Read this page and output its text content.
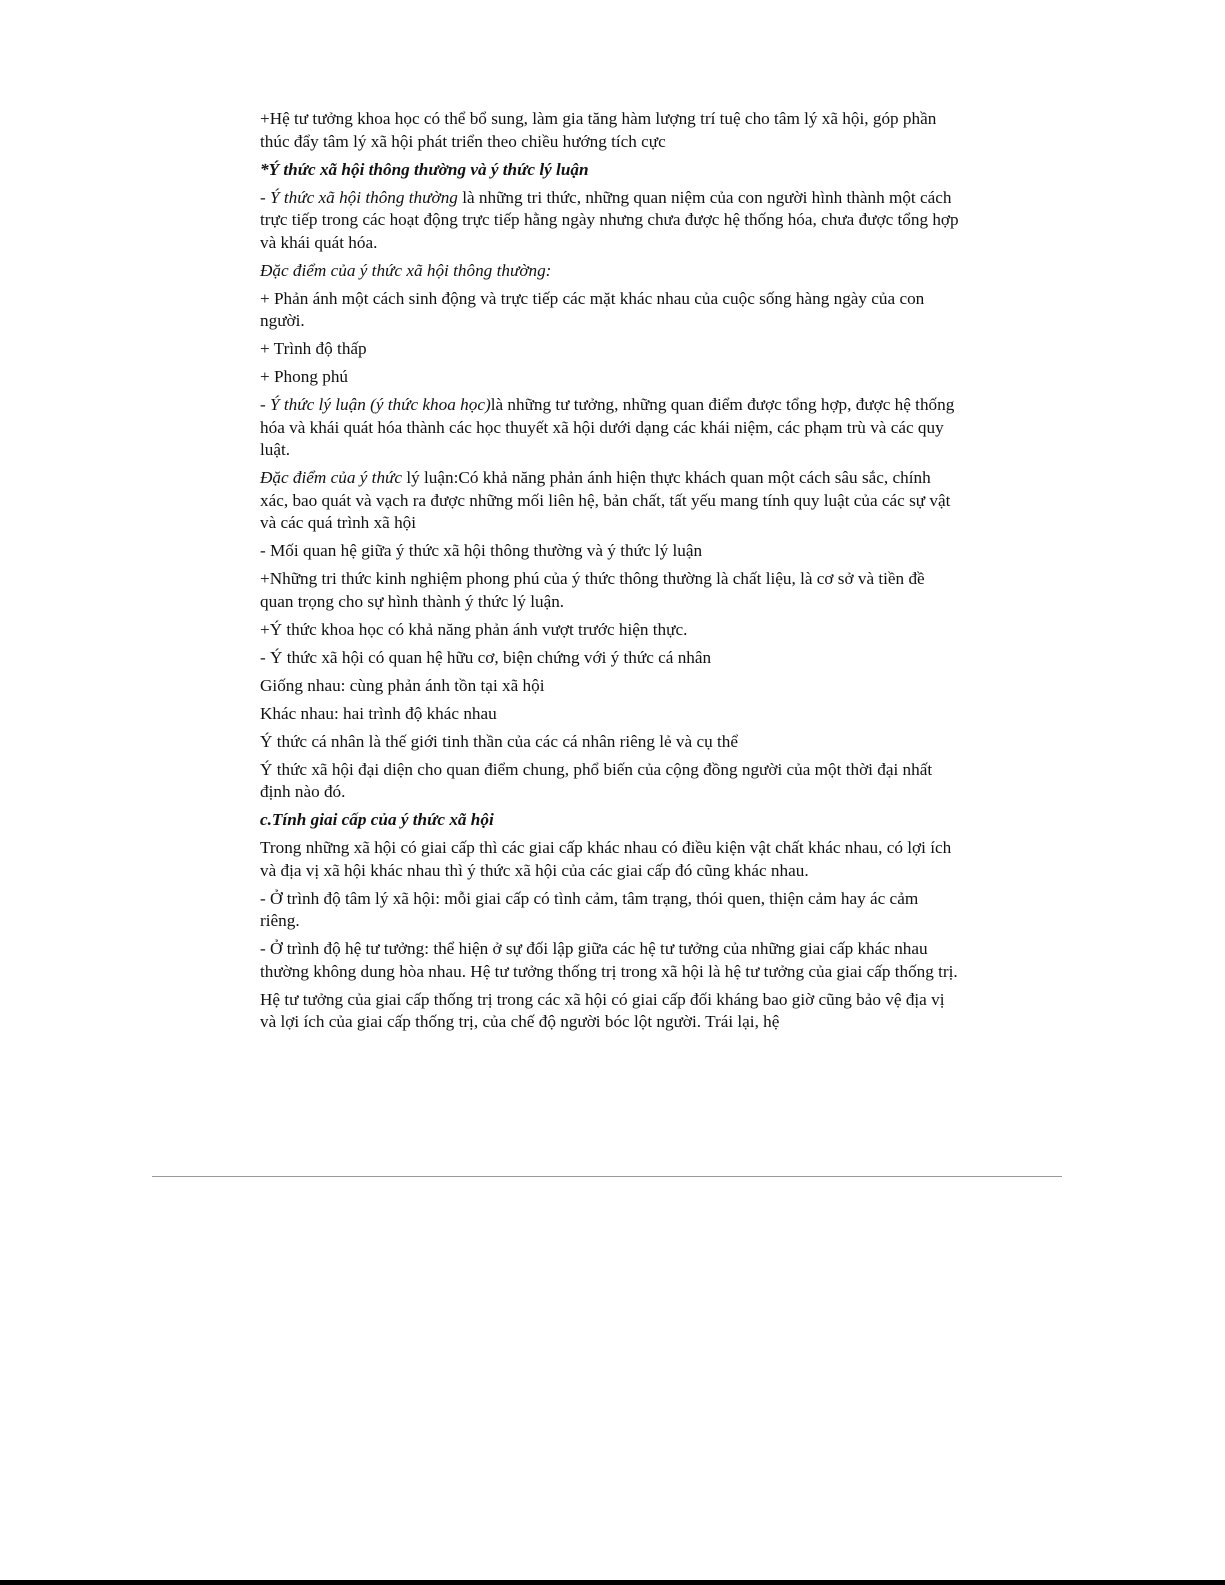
+Hệ tư tưởng khoa học có thể bổ sung, làm gia tăng hàm lượng trí tuệ cho tâm lý xã hội, góp phần thúc đẩy tâm lý xã hội phát triển theo chiều hướng tích cực

*Ý thức xã hội thông thường và ý thức lý luận

- Ý thức xã hội thông thường là những tri thức, những quan niệm của con người hình thành một cách trực tiếp trong các hoạt động trực tiếp hằng ngày nhưng chưa được hệ thống hóa, chưa được tổng hợp và khái quát hóa.

Đặc điểm của ý thức xã hội thông thường:

+ Phản ánh một cách sinh động và trực tiếp các mặt khác nhau của cuộc sống hàng ngày của con người.

+ Trình độ thấp

+ Phong phú

- Ý thức lý luận (ý thức khoa học)là những tư tưởng, những quan điểm được tổng hợp, được hệ thống hóa và khái quát hóa thành các học thuyết xã hội dưới dạng các khái niệm, các phạm trù và các quy luật.

Đặc điểm của ý thức lý luận:Có khả năng phản ánh hiện thực khách quan một cách sâu sắc, chính xác, bao quát và vạch ra được những mối liên hệ, bản chất, tất yếu mang tính quy luật của các sự vật và các quá trình xã hội

- Mối quan hệ giữa ý thức xã hội thông thường và ý thức lý luận

+Những tri thức kinh nghiệm phong phú của ý thức thông thường là chất liệu, là cơ sở và tiền đề quan trọng cho sự hình thành ý thức lý luận.

+Ý thức khoa học có khả năng phản ánh vượt trước hiện thực.

- Ý thức xã hội có quan hệ hữu cơ, biện chứng với ý thức cá nhân

Giống nhau: cùng phản ánh tồn tại xã hội

Khác nhau: hai trình độ khác nhau

Ý thức cá nhân là thế giới tinh thần của các cá nhân riêng lẻ và cụ thể

Ý thức xã hội đại diện cho quan điểm chung, phổ biến của cộng đồng người của một thời đại nhất định nào đó.

c.Tính giai cấp của ý thức xã hội

Trong những xã hội có giai cấp thì các giai cấp khác nhau có điều kiện vật chất khác nhau, có lợi ích và địa vị xã hội khác nhau thì ý thức xã hội của các giai cấp đó cũng khác nhau.

- Ở trình độ tâm lý xã hội: mỗi giai cấp có tình cảm, tâm trạng, thói quen, thiện cảm hay ác cảm riêng.

- Ở trình độ hệ tư tưởng: thể hiện ở sự đối lập giữa các hệ tư tưởng của những giai cấp khác nhau thường không dung hòa nhau. Hệ tư tưởng thống trị trong xã hội là hệ tư tưởng của giai cấp thống trị.

Hệ tư tưởng của giai cấp thống trị trong các xã hội có giai cấp đối kháng bao giờ cũng bảo vệ địa vị và lợi ích của giai cấp thống trị, của chế độ người bóc lột người. Trái lại, hệ
